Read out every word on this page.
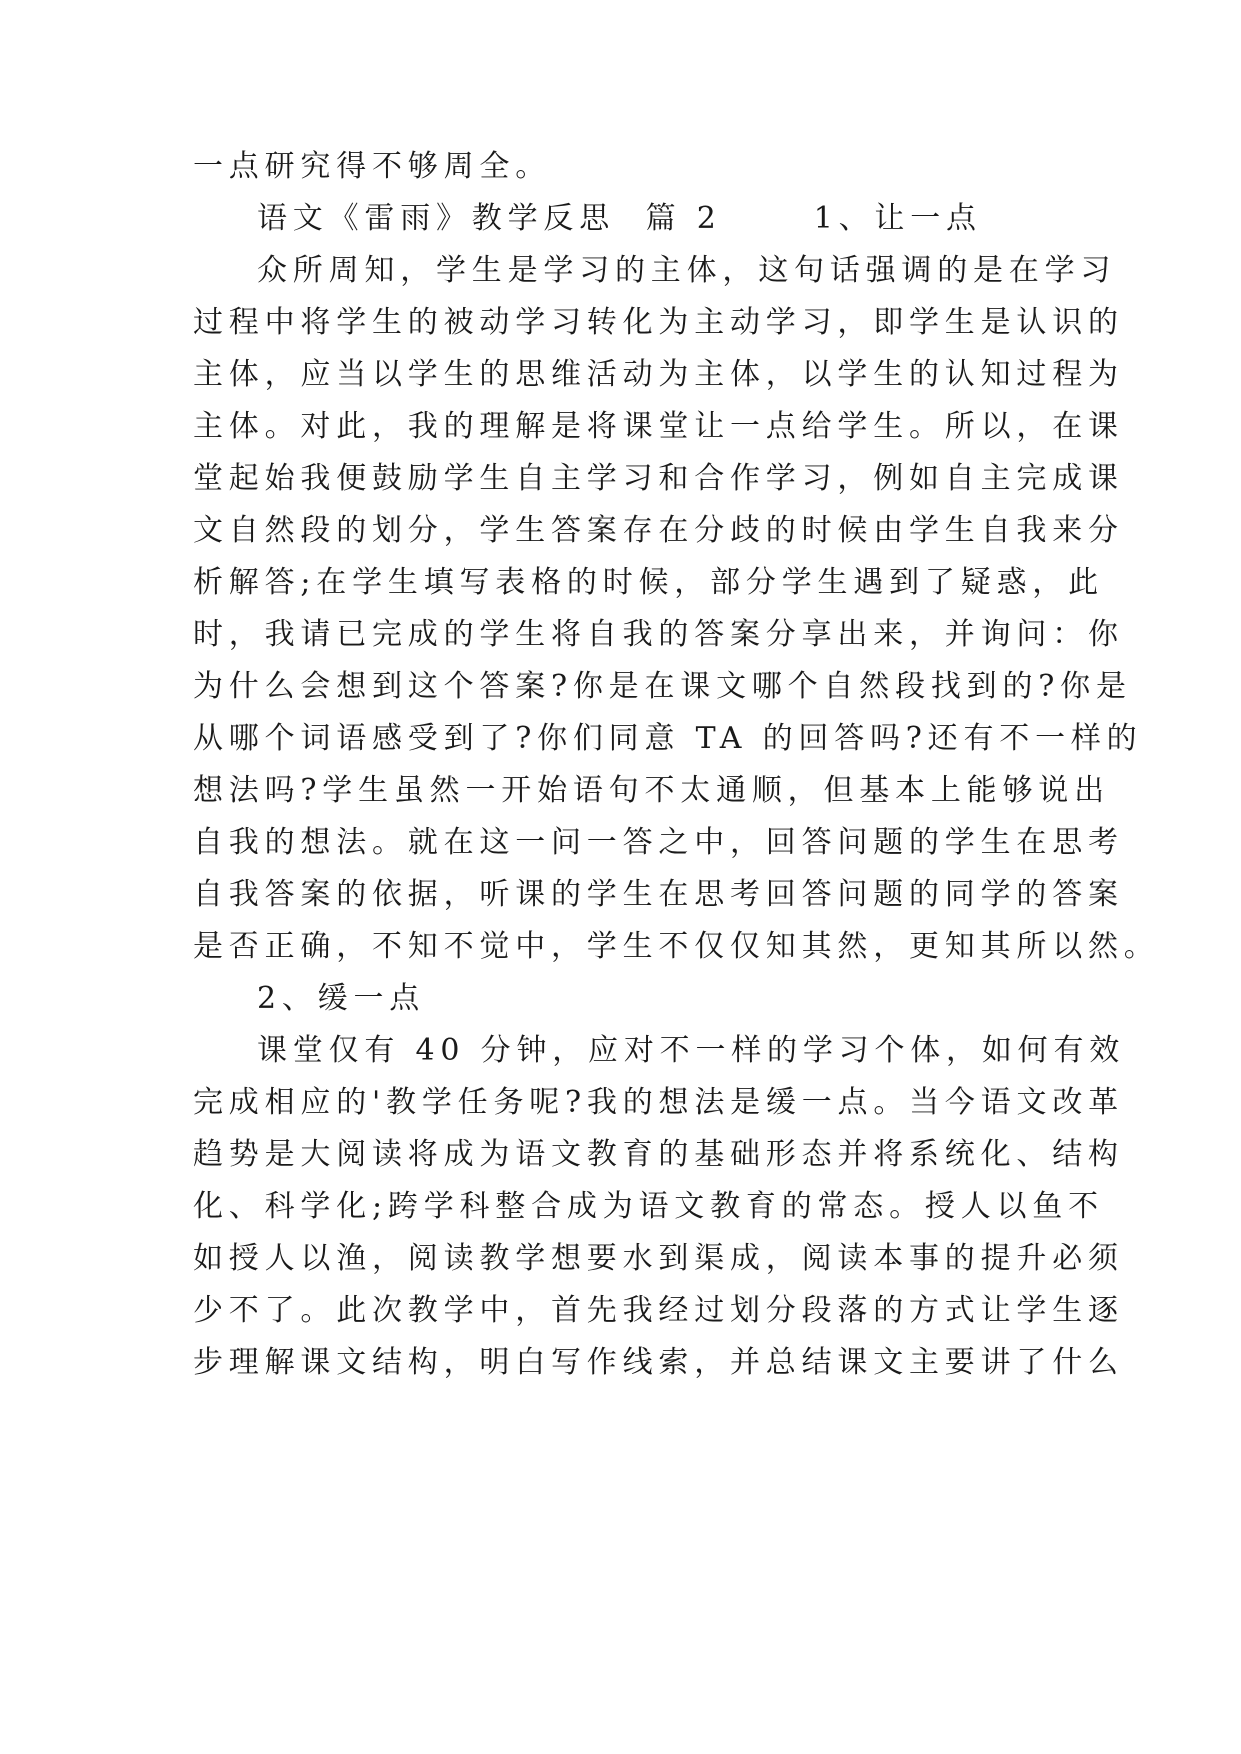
一点研究得不够周全。
语文《雷雨》教学反思  篇 2      1、让一点
众所周知，学生是学习的主体，这句话强调的是在学习
过程中将学生的被动学习转化为主动学习，即学生是认识的
主体，应当以学生的思维活动为主体，以学生的认知过程为
主体。对此，我的理解是将课堂让一点给学生。所以，在课
堂起始我便鼓励学生自主学习和合作学习，例如自主完成课
文自然段的划分，学生答案存在分歧的时候由学生自我来分
析解答;在学生填写表格的时候，部分学生遇到了疑惑，此
时，我请已完成的学生将自我的答案分享出来，并询问：你
为什么会想到这个答案?你是在课文哪个自然段找到的?你是
从哪个词语感受到了?你们同意 TA 的回答吗?还有不一样的
想法吗?学生虽然一开始语句不太通顺，但基本上能够说出
自我的想法。就在这一问一答之中，回答问题的学生在思考
自我答案的依据，听课的学生在思考回答问题的同学的答案
是否正确，不知不觉中，学生不仅仅知其然，更知其所以然。
2、缓一点
课堂仅有 40 分钟，应对不一样的学习个体，如何有效
完成相应的'教学任务呢?我的想法是缓一点。当今语文改革
趋势是大阅读将成为语文教育的基础形态并将系统化、结构
化、科学化;跨学科整合成为语文教育的常态。授人以鱼不
如授人以渔，阅读教学想要水到渠成，阅读本事的提升必须
少不了。此次教学中，首先我经过划分段落的方式让学生逐
步理解课文结构，明白写作线索，并总结课文主要讲了什么
